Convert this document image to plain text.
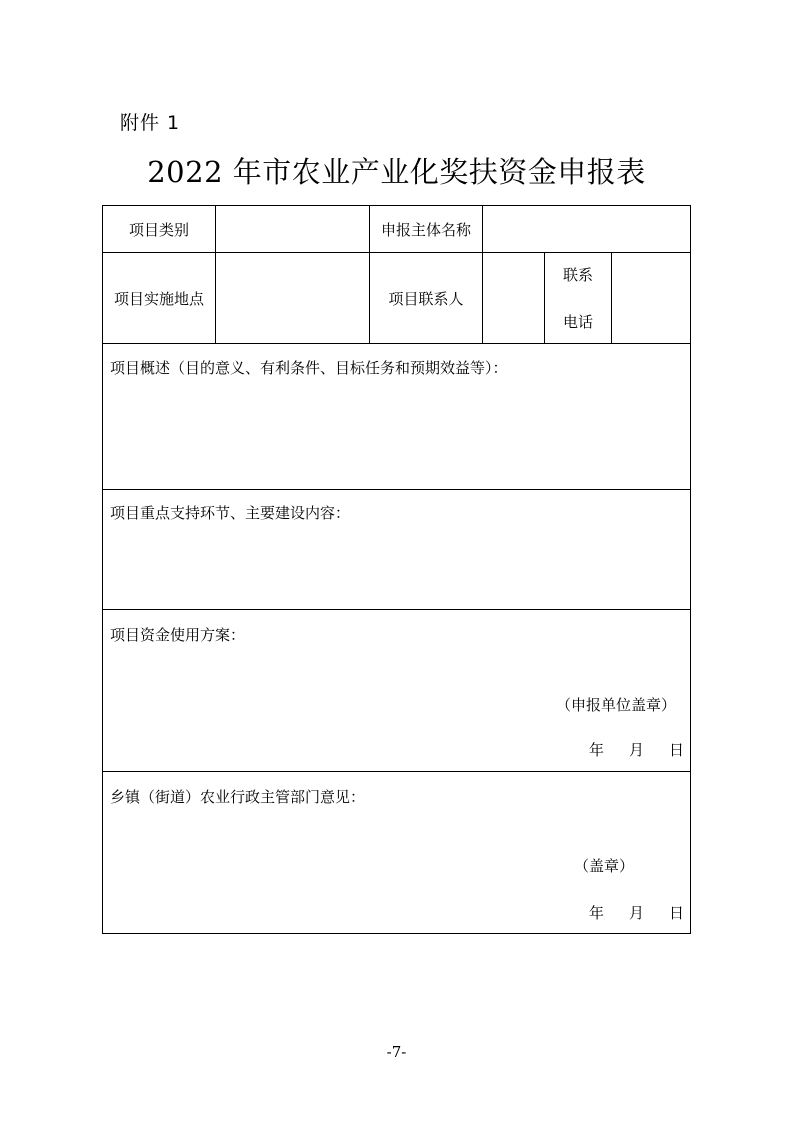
附件 1
2022 年市农业产业化奖扶资金申报表
项目类别	申报主体名称
项目实施地点	项目联系人
联系
电话
项目概述（目的意义、有利条件、目标任务和预期效益等）：
项目重点支持环节、主要建设内容：
项目资金使用方案：
（申报单位盖章）
年 月 日
乡镇（街道）农业行政主管部门意见：
（盖章）
年 月 日
-7-
